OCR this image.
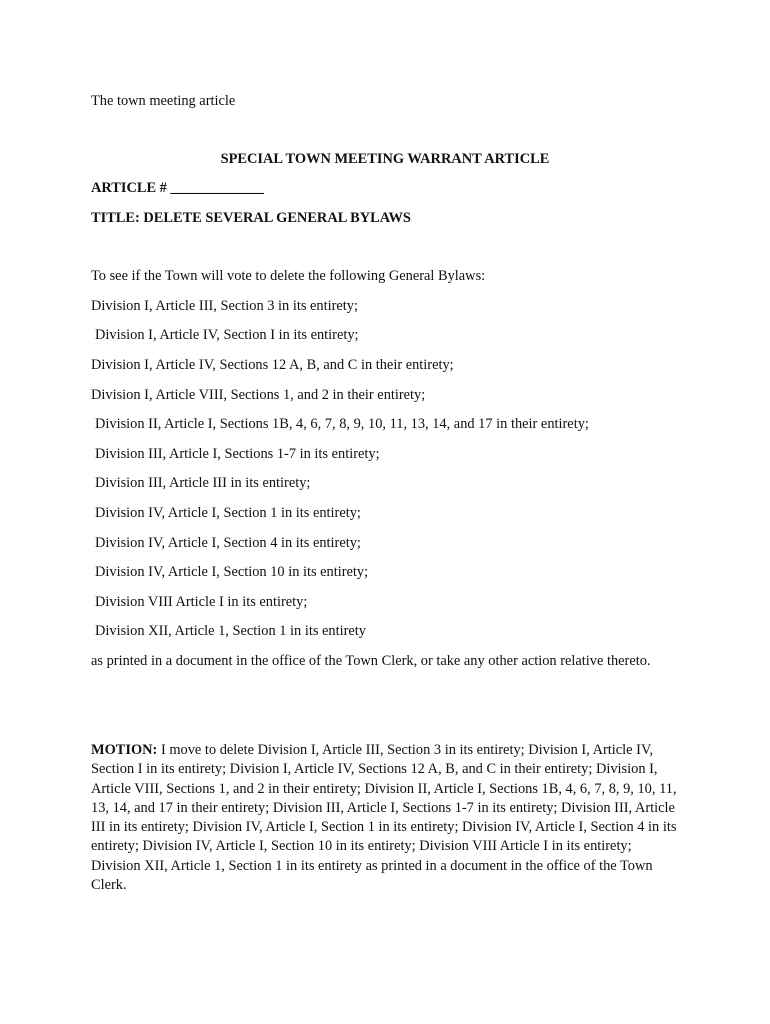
The town meeting article
SPECIAL TOWN MEETING WARRANT ARTICLE
ARTICLE # _____________
TITLE: DELETE SEVERAL GENERAL BYLAWS
To see if the Town will vote to delete the following General Bylaws:
Division I, Article III, Section 3 in its entirety;
Division I, Article IV, Section I in its entirety;
Division I, Article IV, Sections 12 A, B, and C in their entirety;
Division I, Article VIII, Sections 1, and 2 in their entirety;
Division II, Article I, Sections 1B, 4, 6, 7, 8, 9, 10, 11, 13, 14, and 17 in their entirety;
Division III, Article I, Sections 1-7 in its entirety;
Division III, Article III in its entirety;
Division IV, Article I, Section 1 in its entirety;
Division IV, Article I, Section 4 in its entirety;
Division IV, Article I, Section 10 in its entirety;
Division VIII Article I in its entirety;
Division XII, Article 1, Section 1 in its entirety
as printed in a document in the office of the Town Clerk, or take any other action relative thereto.
MOTION: I move to delete Division I, Article III, Section 3 in its entirety; Division I, Article IV, Section I in its entirety; Division I, Article IV, Sections 12 A, B, and C in their entirety; Division I, Article VIII, Sections 1, and 2 in their entirety; Division II, Article I, Sections 1B, 4, 6, 7, 8, 9, 10, 11, 13, 14, and 17 in their entirety; Division III, Article I, Sections 1-7 in its entirety; Division III, Article III in its entirety; Division IV, Article I, Section 1 in its entirety; Division IV, Article I, Section 4 in its entirety; Division IV, Article I, Section 10 in its entirety; Division VIII Article I in its entirety; Division XII, Article 1, Section 1 in its entirety as printed in a document in the office of the Town Clerk.
